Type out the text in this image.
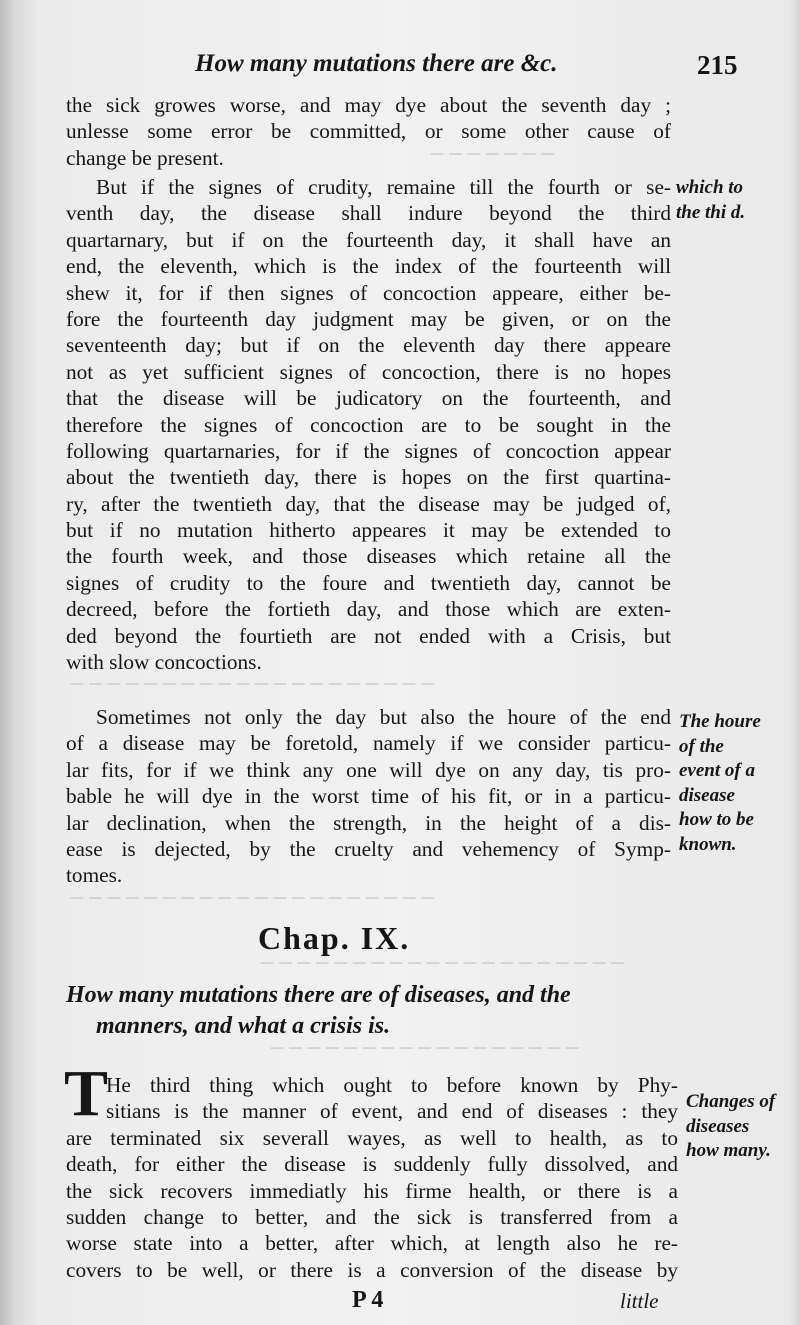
— — — — — — —
— — — — — — — — — — — — — — — — — — — —
— — — — — — — — — — — — — — — — — — — —
— — — — — — — — — — — — — — — — — — — —
— — — — — — — — — — — — — — — — —
How many mutations there are &c.	215
the sick growes worse, and may dye about the seventh day ;
unlesse some error be committed, or some other cause of
change be present.
But if the signes of crudity, remaine till the fourth or se-
venth day, the disease shall indure beyond the third
quartarnary, but if on the fourteenth day, it shall have an
end, the eleventh, which is the index of the fourteenth will
shew it, for if then signes of concoction appeare, either be-
fore the fourteenth day judgment may be given, or on the
seventeenth day; but if on the eleventh day there appeare
not as yet sufficient signes of concoction, there is no hopes
that the disease will be judicatory on the fourteenth, and
therefore the signes of concoction are to be sought in the
following quartarnaries, for if the signes of concoction appear
about the twentieth day, there is hopes on the first quartina-
ry, after the twentieth day, that the disease may be judged of,
but if no mutation hitherto appeares it may be extended to
the fourth week, and those diseases which retaine all the
signes of crudity to the foure and twentieth day, cannot be
decreed, before the fortieth day, and those which are exten-
ded beyond the fourtieth are not ended with a Crisis, but
with slow concoctions.
Sometimes not only the day but also the houre of the end
of a disease may be foretold, namely if we consider particu-
lar fits, for if we think any one will dye on any day, tis pro-
bable he will dye in the worst time of his fit, or in a particu-
lar declination, when the strength, in the height of a dis-
ease is dejected, by the cruelty and vehemency of Symp-
tomes.
which to
the thi d.
The houre
of the
event of a
disease
how to be
known.
Changes of
diseases
how many.
Chap. IX.
How many mutations there are of diseases, and the
manners, and what a crisis is.
T
He third thing which ought to before known by Phy-
sitians is the manner of event, and end of diseases : they
are terminated six severall wayes, as well to health, as to
death, for either the disease is suddenly fully dissolved, and
the sick recovers immediatly his firme health, or there is a
sudden change to better, and the sick is transferred from a
worse state into a better, after which, at length also he re-
covers to be well, or there is a conversion of the disease by
P 4	little
